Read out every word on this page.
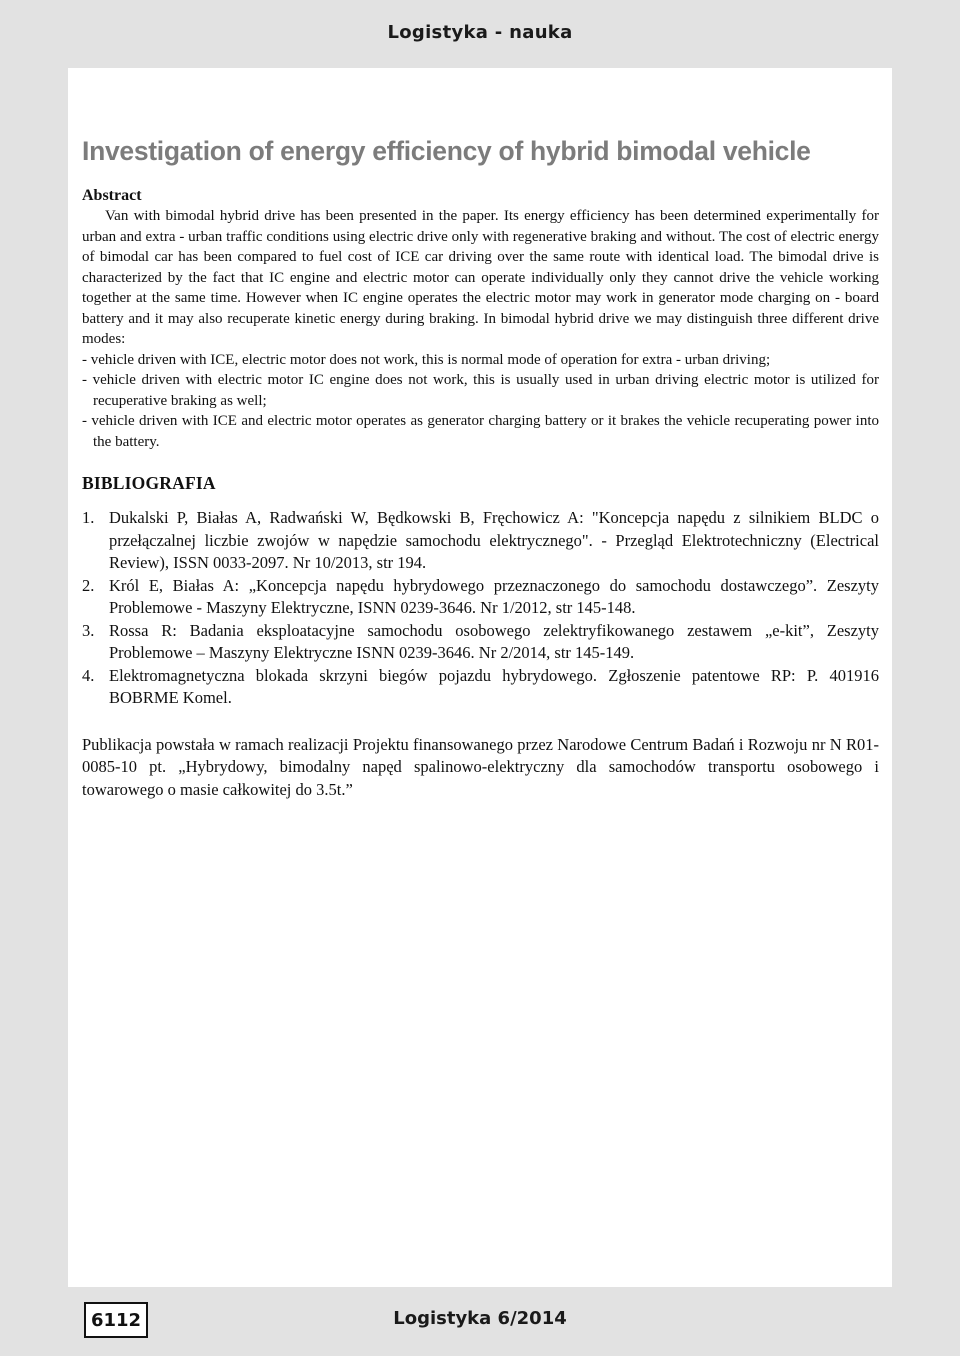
Logistyka - nauka
Investigation of energy efficiency of hybrid bimodal vehicle
Abstract

Van with bimodal hybrid drive has been presented in the paper. Its energy efficiency has been determined experimentally for urban and extra - urban traffic conditions using electric drive only with regenerative braking and without. The cost of electric energy of bimodal car has been compared to fuel cost of ICE car driving over the same route with identical load. The bimodal drive is characterized by the fact that IC engine and electric motor can operate individually only they cannot drive the vehicle working together at the same time. However when IC engine operates the electric motor may work in generator mode charging on - board battery and it may also recuperate kinetic energy during braking. In bimodal hybrid drive we may distinguish three different drive modes:

- vehicle driven with ICE, electric motor does not work, this is normal mode of operation for extra - urban driving;
- vehicle driven with electric motor IC engine does not work, this is usually used in urban driving electric motor is utilized for recuperative braking as well;
- vehicle driven with ICE and electric motor operates as generator charging battery or it brakes the vehicle recuperating power into the battery.
BIBLIOGRAFIA
1. Dukalski P, Białas A, Radwański W, Będkowski B, Fręchowicz A: "Koncepcja napędu z silnikiem BLDC o przełączalnej liczbie zwojów w napędzie samochodu elektrycznego". - Przegląd Elektrotechniczny (Electrical Review), ISSN 0033-2097. Nr 10/2013, str 194.
2. Król E, Białas A: „Koncepcja napędu hybrydowego przeznaczonego do samochodu dostawczego”. Zeszyty Problemowe - Maszyny Elektryczne, ISNN 0239-3646. Nr 1/2012, str 145-148.
3. Rossa R: Badania eksploatacyjne samochodu osobowego zelektryfikowanego zestawem „e-kit”, Zeszyty Problemowe – Maszyny Elektryczne ISNN 0239-3646. Nr 2/2014, str 145-149.
4. Elektromagnetyczna blokada skrzyni biegów pojazdu hybrydowego. Zgłoszenie patentowe RP: P. 401916 BOBRME Komel.
Publikacja powstała w ramach realizacji Projektu finansowanego przez Narodowe Centrum Badań i Rozwoju nr N R01-0085-10 pt. „Hybrydowy, bimodalny napęd spalinowo-elektryczny dla samochodów transportu osobowego i towarowego o masie całkowitej do 3.5t.”
6112	Logistyka 6/2014
